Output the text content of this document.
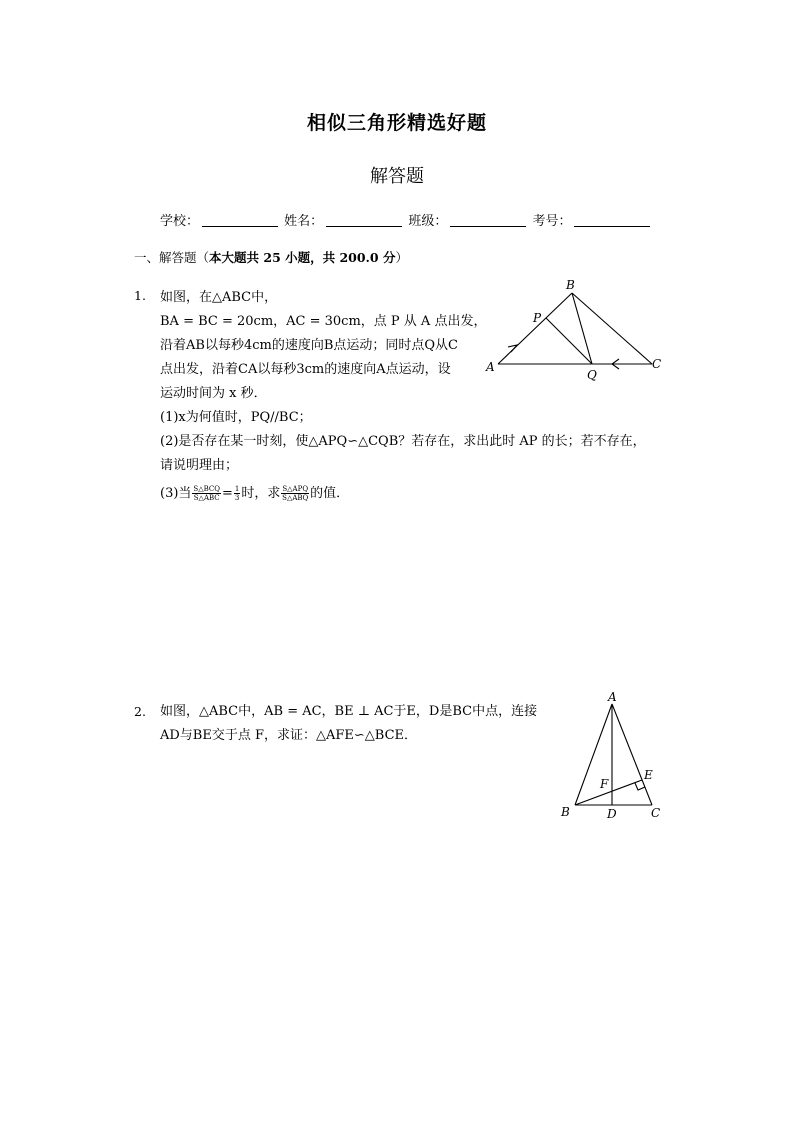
相似三角形精选好题
解答题
学校：	姓名：	班级：	考号：
一、解答题（本大题共 25 小题，共 200.0 分）
1. 如图，在△ABC中，
BA = BC = 20cm，AC = 30cm，点 P 从 A 点出发，
沿着AB以每秒4cm的速度向B点运动；同时点Q从C
点出发，沿着CA以每秒3cm的速度向A点运动，设
运动时间为 x 秒．
(1)x为何值时，PQ//BC；
(2)是否存在某一时刻，使△APQ∽△CQB？若存在，求出此时 AP 的长；若不存在，
请说明理由；
(3)当 $\frac{\text{S△BCQ}}{\text{S△ABC}} = \frac{1}{3}$ 时，求 $\frac{\text{S△APQ}}{\text{S△ABQ}}$ 的值．
A
B
C
P
Q
2. 如图，△ABC中，AB = AC，BE ⊥ AC于E，D是BC中点，连接
AD与BE交于点 F，求证：△AFE∽△BCE．
A
B	C
D
E
F
